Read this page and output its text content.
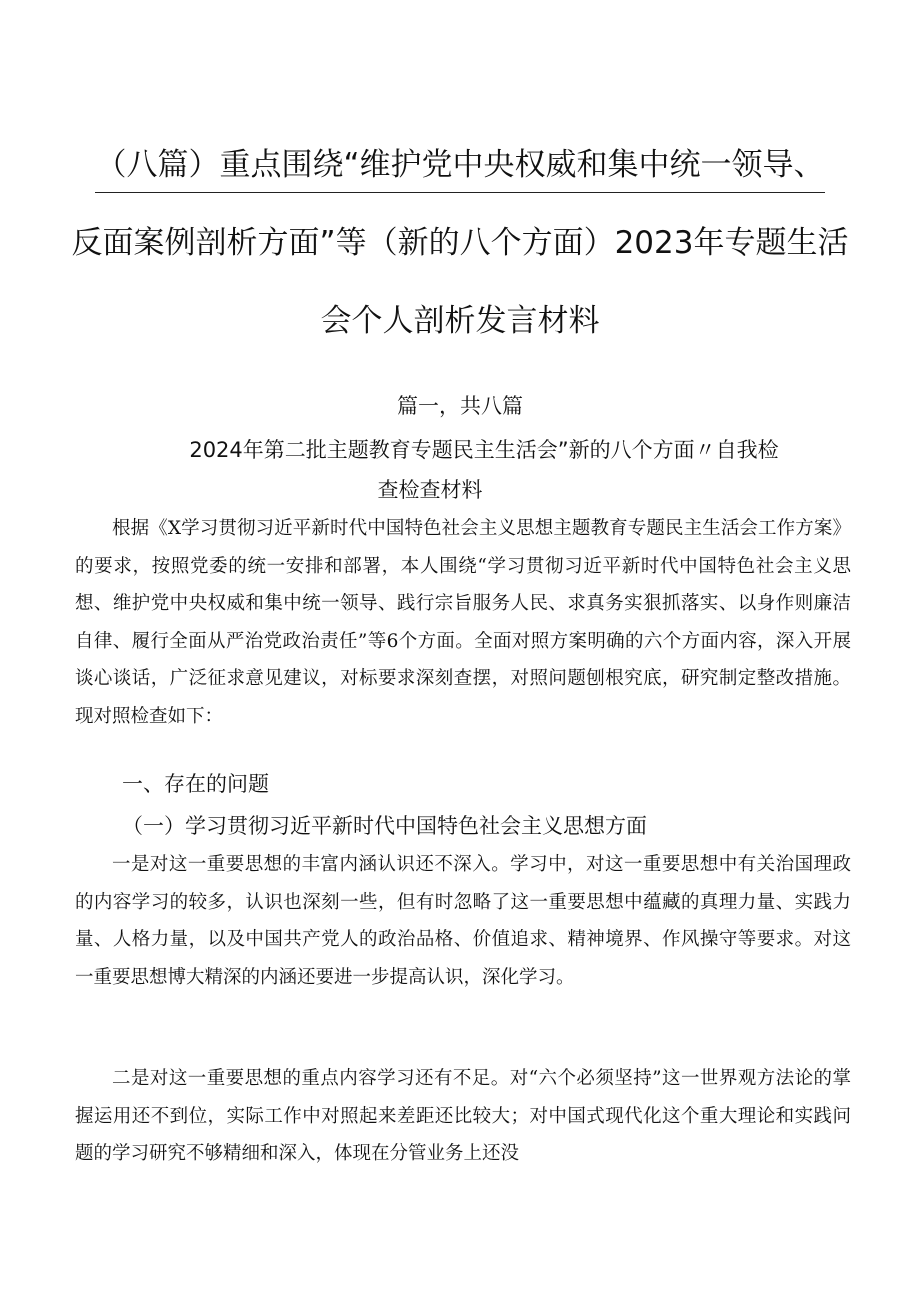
（八篇）重点围绕“维护党中央权威和集中统一领导、
反面案例剖析方面”等（新的八个方面）2023年专题生活
会个人剖析发言材料
篇一，共八篇
2024年第二批主题教育专题民主生活会”新的八个方面〃自我检
查检查材料

根据《X学习贯彻习近平新时代中国特色社会主义思想主题教育专题民主生活会工作方案》的要求，按照党委的统一安排和部署，本人围绕“学习贯彻习近平新时代中国特色社会主义思想、维护党中央权威和集中统一领导、践行宗旨服务人民、求真务实狠抓落实、以身作则廉洁自律、履行全面从严治党政治责任”等6个方面。全面对照方案明确的六个方面内容，深入开展谈心谈话，广泛征求意见建议，对标要求深刻查摆，对照问题刨根究底，研究制定整改措施。现对照检查如下：

一、存在的问题
（一）学习贯彻习近平新时代中国特色社会主义思想方面

一是对这一重要思想的丰富内涵认识还不深入。学习中，对这一重要思想中有关治国理政的内容学习的较多，认识也深刻一些，但有时忽略了这一重要思想中蕴藏的真理力量、实践力量、人格力量，以及中国共产党人的政治品格、价值追求、精神境界、作风操守等要求。对这一重要思想博大精深的内涵还要进一步提高认识，深化学习。

二是对这一重要思想的重点内容学习还有不足。对“六个必须坚持”这一世界观方法论的掌握运用还不到位，实际工作中对照起来差距还比较大；对中国式现代化这个重大理论和实践问题的学习研究不够精细和深入，体现在分管业务上还没
